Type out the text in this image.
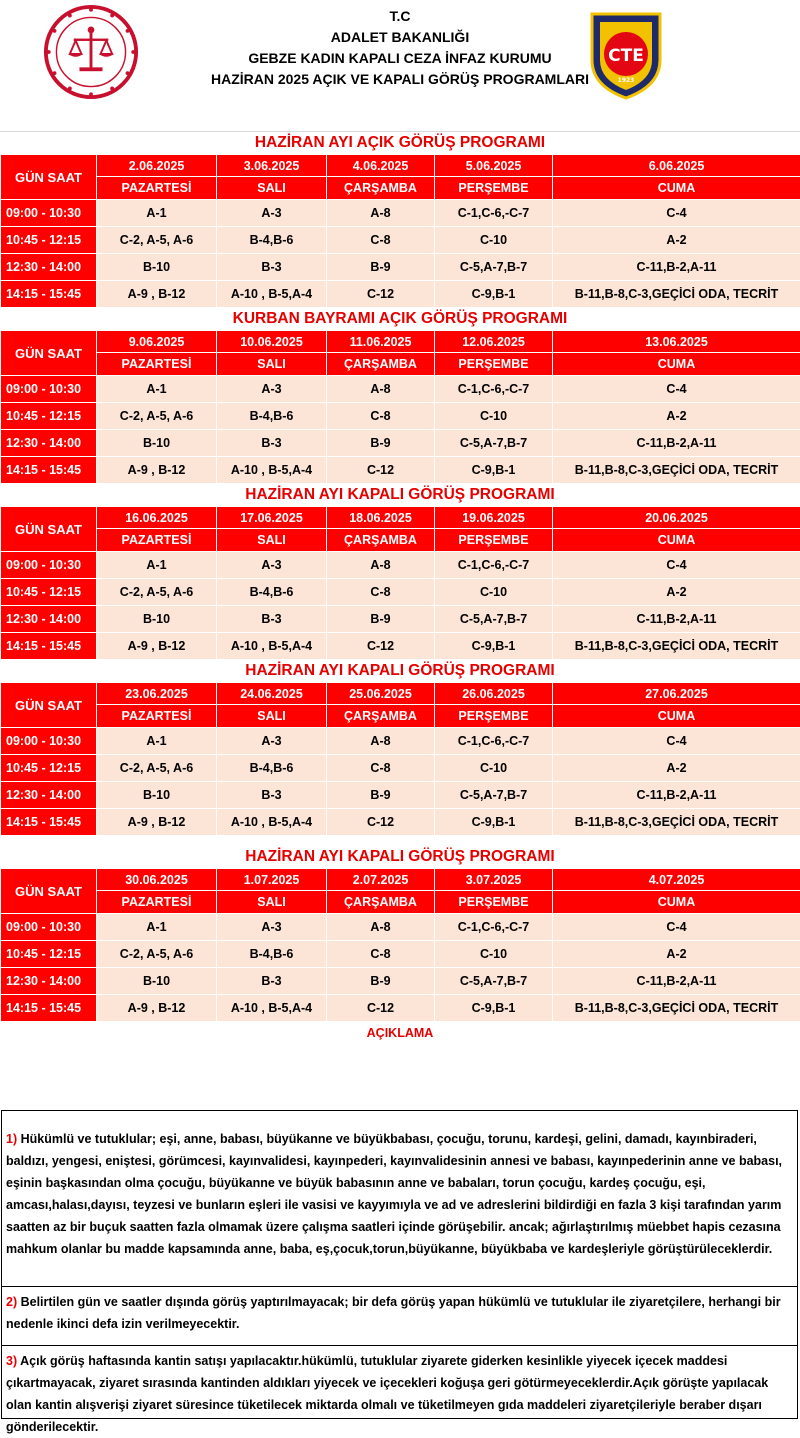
T.C
ADALET BAKANLIĞI
GEBZE KADIN KAPALI CEZA İNFAZ KURUMU
HAZİRAN 2025 AÇIK VE KAPALI GÖRÜŞ PROGRAMLARI
CTE
1923
HAZİRAN AYI AÇIK GÖRÜŞ PROGRAMI
GÜN SAAT	2.06.2025	3.06.2025	4.06.2025	5.06.2025	6.06.2025
	PAZARTESİ	SALI	ÇARŞAMBA	PERŞEMBE	CUMA
09:00 - 10:30	A-1	A-3	A-8	C-1,C-6,-C-7	C-4
10:45 - 12:15	C-2, A-5, A-6	B-4,B-6	C-8	C-10	A-2
12:30 - 14:00	B-10	B-3	B-9	C-5,A-7,B-7	C-11,B-2,A-11
14:15 - 15:45	A-9 , B-12	A-10 , B-5,A-4	C-12	C-9,B-1	B-11,B-8,C-3,GEÇİCİ ODA, TECRİT
KURBAN BAYRAMI AÇIK GÖRÜŞ PROGRAMI
GÜN SAAT	9.06.2025	10.06.2025	11.06.2025	12.06.2025	13.06.2025
	PAZARTESİ	SALI	ÇARŞAMBA	PERŞEMBE	CUMA
09:00 - 10:30	A-1	A-3	A-8	C-1,C-6,-C-7	C-4
10:45 - 12:15	C-2, A-5, A-6	B-4,B-6	C-8	C-10	A-2
12:30 - 14:00	B-10	B-3	B-9	C-5,A-7,B-7	C-11,B-2,A-11
14:15 - 15:45	A-9 , B-12	A-10 , B-5,A-4	C-12	C-9,B-1	B-11,B-8,C-3,GEÇİCİ ODA, TECRİT
HAZİRAN AYI KAPALI GÖRÜŞ PROGRAMI
GÜN SAAT	16.06.2025	17.06.2025	18.06.2025	19.06.2025	20.06.2025
	PAZARTESİ	SALI	ÇARŞAMBA	PERŞEMBE	CUMA
09:00 - 10:30	A-1	A-3	A-8	C-1,C-6,-C-7	C-4
10:45 - 12:15	C-2, A-5, A-6	B-4,B-6	C-8	C-10	A-2
12:30 - 14:00	B-10	B-3	B-9	C-5,A-7,B-7	C-11,B-2,A-11
14:15 - 15:45	A-9 , B-12	A-10 , B-5,A-4	C-12	C-9,B-1	B-11,B-8,C-3,GEÇİCİ ODA, TECRİT
HAZİRAN AYI KAPALI GÖRÜŞ PROGRAMI
GÜN SAAT	23.06.2025	24.06.2025	25.06.2025	26.06.2025	27.06.2025
	PAZARTESİ	SALI	ÇARŞAMBA	PERŞEMBE	CUMA
09:00 - 10:30	A-1	A-3	A-8	C-1,C-6,-C-7	C-4
10:45 - 12:15	C-2, A-5, A-6	B-4,B-6	C-8	C-10	A-2
12:30 - 14:00	B-10	B-3	B-9	C-5,A-7,B-7	C-11,B-2,A-11
14:15 - 15:45	A-9 , B-12	A-10 , B-5,A-4	C-12	C-9,B-1	B-11,B-8,C-3,GEÇİCİ ODA, TECRİT
HAZİRAN AYI KAPALI GÖRÜŞ PROGRAMI
GÜN SAAT	30.06.2025	1.07.2025	2.07.2025	3.07.2025	4.07.2025
	PAZARTESİ	SALI	ÇARŞAMBA	PERŞEMBE	CUMA
09:00 - 10:30	A-1	A-3	A-8	C-1,C-6,-C-7	C-4
10:45 - 12:15	C-2, A-5, A-6	B-4,B-6	C-8	C-10	A-2
12:30 - 14:00	B-10	B-3	B-9	C-5,A-7,B-7	C-11,B-2,A-11
14:15 - 15:45	A-9 , B-12	A-10 , B-5,A-4	C-12	C-9,B-1	B-11,B-8,C-3,GEÇİCİ ODA, TECRİT
AÇIKLAMA
1) Hükümlü ve tutuklular; eşi, anne, babası, büyükanne ve büyükbabası, çocuğu, torunu, kardeşi, gelini, damadı, kayınbiraderi, baldızı, yengesi, eniştesi, görümcesi, kayınvalidesi, kayınpederi, kayınvalidesinin annesi ve babası, kayınpederinin anne ve babası, eşinin başkasından olma çocuğu, büyükanne ve büyük babasının anne ve babaları, torun çocuğu, kardeş çocuğu, eşi, amcası,halası,dayısı, teyzesi ve bunların eşleri ile vasisi ve kayyımıyla ve ad ve adreslerini bildirdiği en fazla 3 kişi tarafından yarım saatten az bir buçuk saatten fazla olmamak üzere çalışma saatleri içinde görüşebilir. ancak; ağırlaştırılmış müebbet hapis cezasına mahkum olanlar bu madde kapsamında anne, baba, eş,çocuk,torun,büyükanne, büyükbaba ve kardeşleriyle görüştürüleceklerdir.
2) Belirtilen gün ve saatler dışında görüş yaptırılmayacak; bir defa görüş yapan hükümlü ve tutuklular ile ziyaretçilere, herhangi bir nedenle ikinci defa izin verilmeyecektir.
3) Açık görüş haftasında kantin satışı yapılacaktır.hükümlü, tutuklular ziyarete giderken kesinlikle yiyecek içecek maddesi çıkartmayacak, ziyaret sırasında kantinden aldıkları yiyecek ve içecekleri koğuşa geri götürmeyeceklerdir.Açık görüşte yapılacak olan kantin alışverişi ziyaret süresince tüketilecek miktarda olmalı ve tüketilmeyen gıda maddeleri ziyaretçileriyle beraber dışarı gönderilecektir.
